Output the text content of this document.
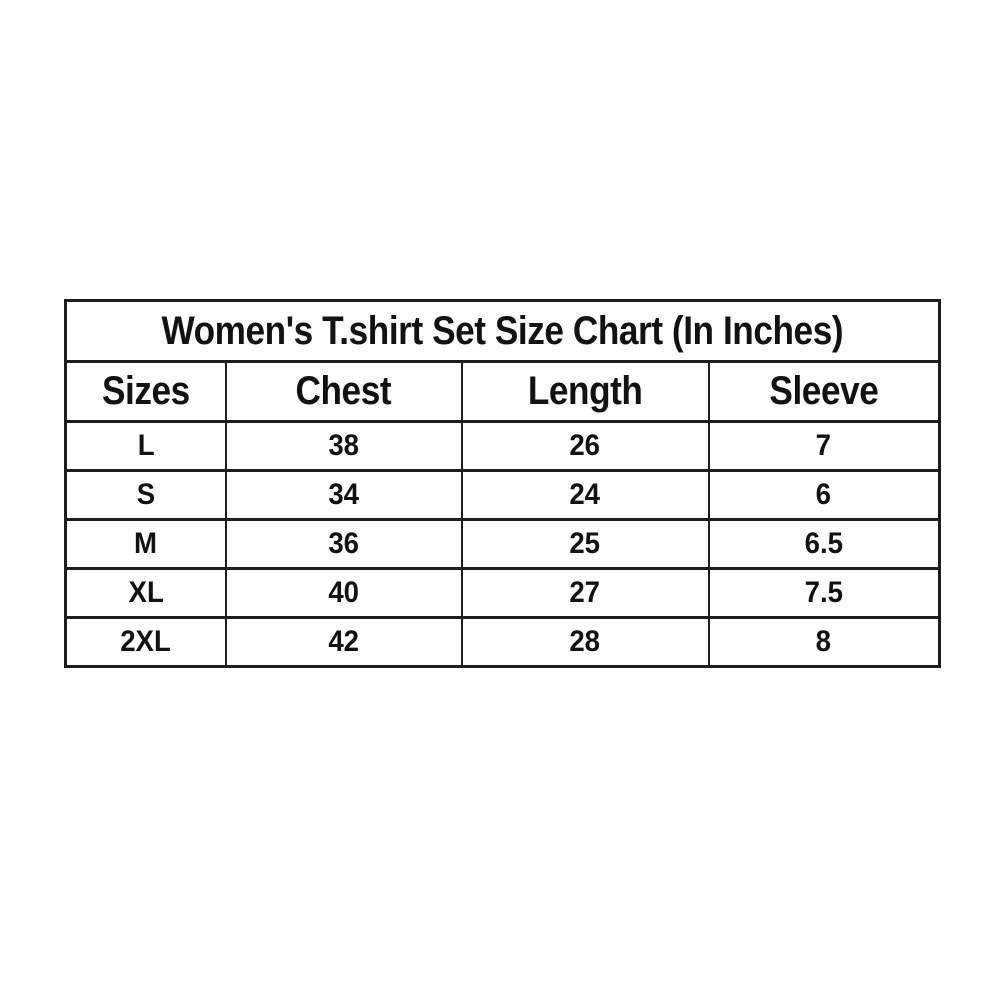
Women's T.shirt Set Size Chart (In Inches)			
Sizes	Chest	Length	Sleeve
L	38	26	7
S	34	24	6
M	36	25	6.5
XL	40	27	7.5
2XL	42	28	8
